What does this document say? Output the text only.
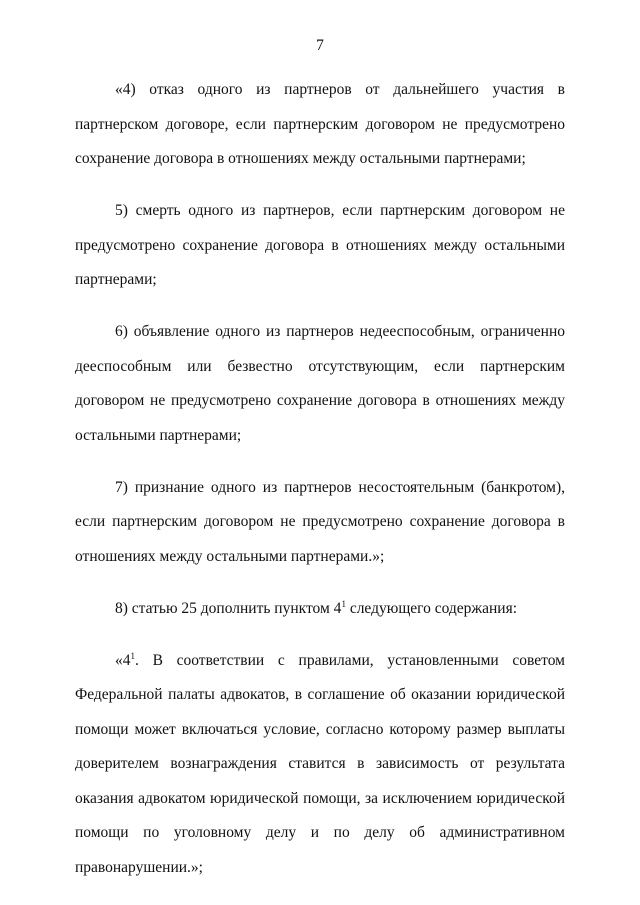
7

«4) отказ одного из партнеров от дальнейшего участия в партнерском договоре, если партнерским договором не предусмотрено сохранение договора в отношениях между остальными партнерами;

5) смерть одного из партнеров, если партнерским договором не предусмотрено сохранение договора в отношениях между остальными партнерами;

6) объявление одного из партнеров недееспособным, ограниченно дееспособным или безвестно отсутствующим, если партнерским договором не предусмотрено сохранение договора в отношениях между остальными партнерами;

7) признание одного из партнеров несостоятельным (банкротом), если партнерским договором не предусмотрено сохранение договора в отношениях между остальными партнерами.»;

8) статью 25 дополнить пунктом $4^1$ следующего содержания:

«$4^1$. В соответствии с правилами, установленными советом Федеральной палаты адвокатов, в соглашение об оказании юридической помощи может включаться условие, согласно которому размер выплаты доверителем вознаграждения ставится в зависимость от результата оказания адвокатом юридической помощи, за исключением юридической помощи по уголовному делу и по делу об административном правонарушении.»;
